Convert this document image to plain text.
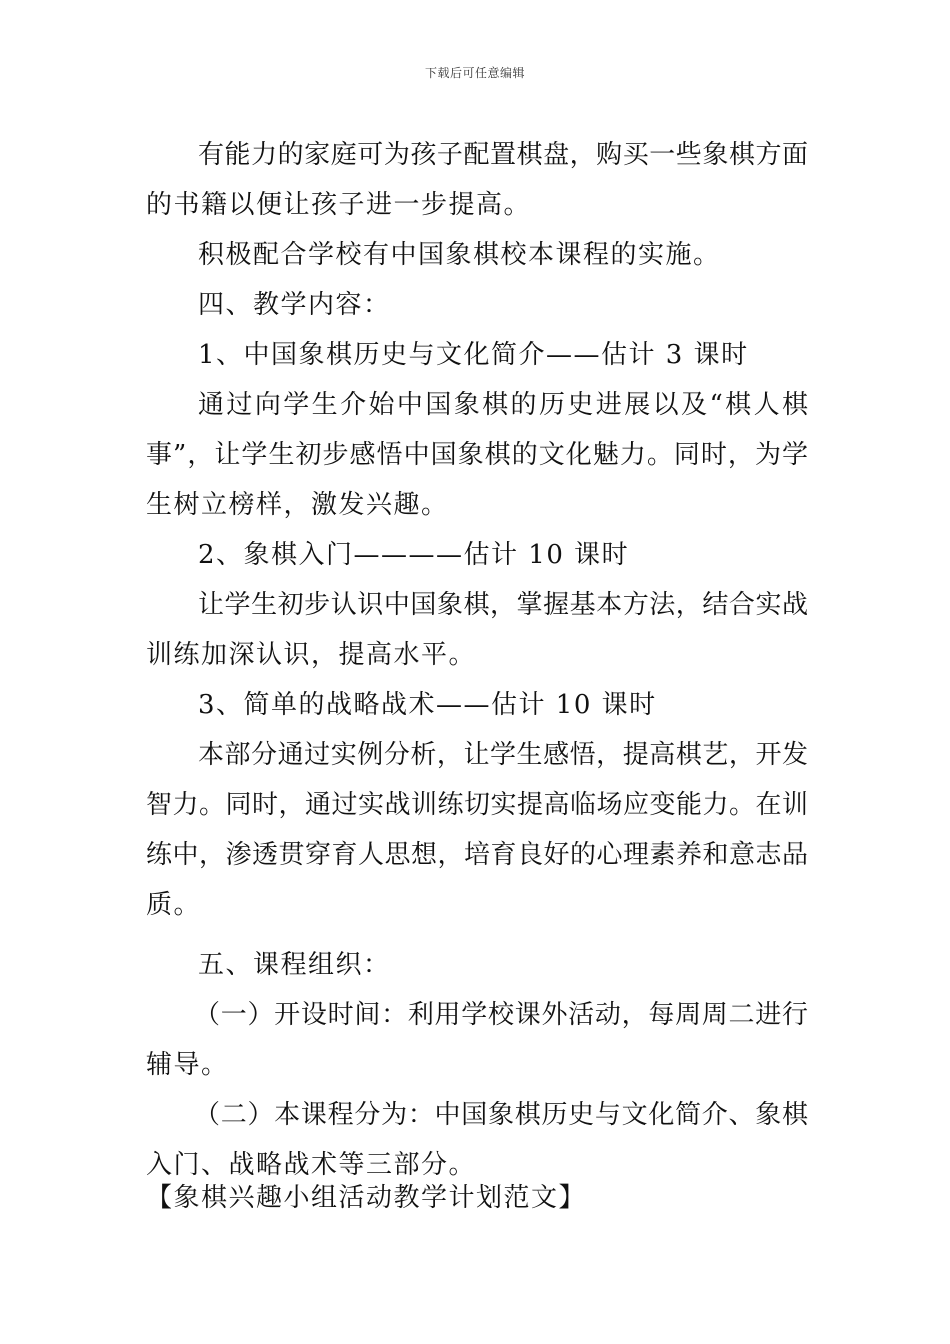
下载后可任意编辑
有能力的家庭可为孩子配置棋盘，购买一些象棋方面
的书籍以便让孩子进一步提高。
积极配合学校有中国象棋校本课程的实施。
四、教学内容：
1、中国象棋历史与文化简介——估计 3 课时
通过向学生介始中国象棋的历史进展以及“棋人棋
事”，让学生初步感悟中国象棋的文化魅力。同时，为学
生树立榜样，激发兴趣。
2、象棋入门————估计 10 课时
让学生初步认识中国象棋，掌握基本方法，结合实战
训练加深认识，提高水平。
3、简单的战略战术——估计 10 课时
本部分通过实例分析，让学生感悟，提高棋艺，开发
智力。同时，通过实战训练切实提高临场应变能力。在训
练中，渗透贯穿育人思想，培育良好的心理素养和意志品
质。
五、课程组织：
（一）开设时间：利用学校课外活动，每周周二进行
辅导。
（二）本课程分为：中国象棋历史与文化简介、象棋
入门、战略战术等三部分。
【象棋兴趣小组活动教学计划范文】
